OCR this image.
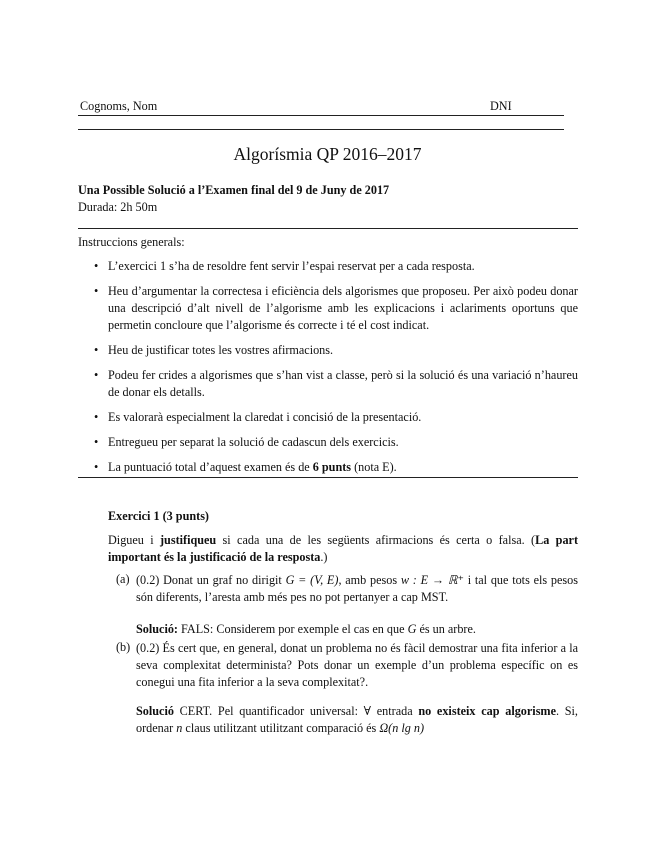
Cognoms, Nom	DNI
Algorísmia QP 2016–2017
Una Possible Solució a l’Examen final del 9 de Juny de 2017
Durada: 2h 50m
Instruccions generals:
• L’exercici 1 s’ha de resoldre fent servir l’espai reservat per a cada resposta.
• Heu d’argumentar la correctesa i eficiència dels algorismes que proposeu. Per això podeu donar una descripció d’alt nivell de l’algorisme amb les explicacions i aclariments oportuns que permetin concloure que l’algorisme és correcte i té el cost indicat.
• Heu de justificar totes les vostres afirmacions.
• Podeu fer crides a algorismes que s’han vist a classe, però si la solució és una variació n’haureu de donar els detalls.
• Es valorarà especialment la claredat i concisió de la presentació.
• Entregueu per separat la solució de cadascun dels exercicis.
• La puntuació total d’aquest examen és de 6 punts (nota E).
Exercici 1 (3 punts)
Digueu i justifiqueu si cada una de les següents afirmacions és certa o falsa. (La part important és la justificació de la resposta.)
(a) (0.2) Donat un graf no dirigit G = (V, E), amb pesos w : E → ℝ⁺ i tal que tots els pesos són diferents, l’aresta amb més pes no pot pertanyer a cap MST.
Solució: FALS: Considerem por exemple el cas en que G és un arbre.
(b) (0.2) És cert que, en general, donat un problema no és fàcil demostrar una fita inferior a la seva complexitat determinista? Pots donar un exemple d’un problema específic on es conegui una fita inferior a la seva complexitat?.
Solució CERT. Pel quantificador universal: ∀ entrada no existeix cap algorisme. Si, ordenar n claus utilitzant utilitzant comparació és Ω(n lg n)
